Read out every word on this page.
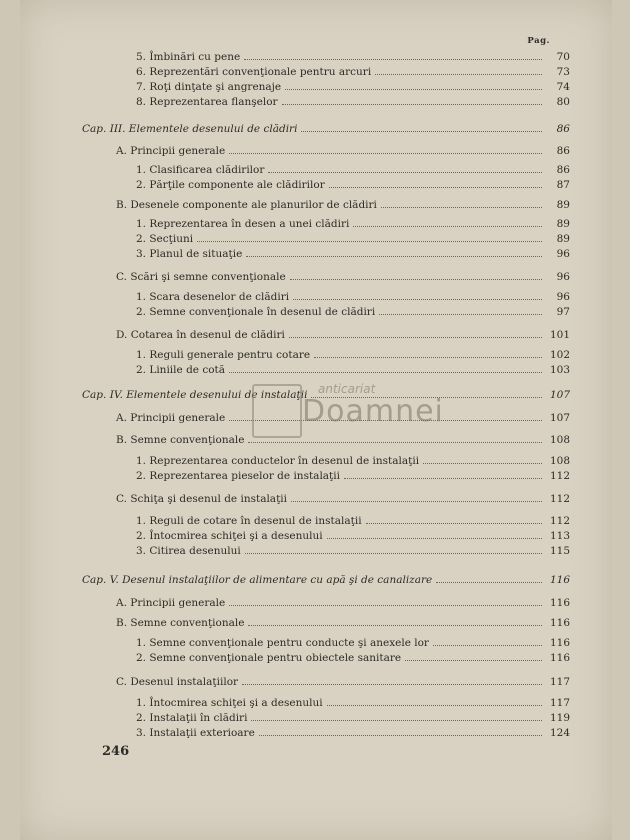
Pag.
5. Îmbinări cu pene	70
6. Reprezentări convenţionale pentru arcuri	73
7. Roţi dinţate şi angrenaje	74
8. Reprezentarea flanşelor	80
Cap. III. Elementele desenului de clădiri	86
A. Principii generale	86
1. Clasificarea clădirilor	86
2. Părţile componente ale clădirilor	87
B. Desenele componente ale planurilor de clădiri	89
1. Reprezentarea în desen a unei clădiri	89
2. Secţiuni	89
3. Planul de situaţie	96
C. Scări şi semne convenţionale	96
1. Scara desenelor de clădiri	96
2. Semne convenţionale în desenul de clădiri	97
D. Cotarea în desenul de clădiri	101
1. Reguli generale pentru cotare	102
2. Liniile de cotă	103
Cap. IV. Elementele desenului de instalaţii	107
A. Principii generale	107
B. Semne convenţionale	108
1. Reprezentarea conductelor în desenul de instalaţii	108
2. Reprezentarea pieselor de instalaţii	112
C. Schiţa şi desenul de instalaţii	112
1. Reguli de cotare în desenul de instalaţii	112
2. Întocmirea schiţei şi a desenului	113
3. Citirea desenului	115
Cap. V. Desenul instalaţiilor de alimentare cu apă şi de canalizare	116
A. Principii generale	116
B. Semne convenţionale	116
1. Semne convenţionale pentru conducte şi anexele lor	116
2. Semne convenţionale pentru obiectele sanitare	116
C. Desenul instalaţiilor	117
1. Întocmirea schiţei şi a desenului	117
2. Instalaţii în clădiri	119
3. Instalaţii exterioare	124
anticariat
Doamnei
246
